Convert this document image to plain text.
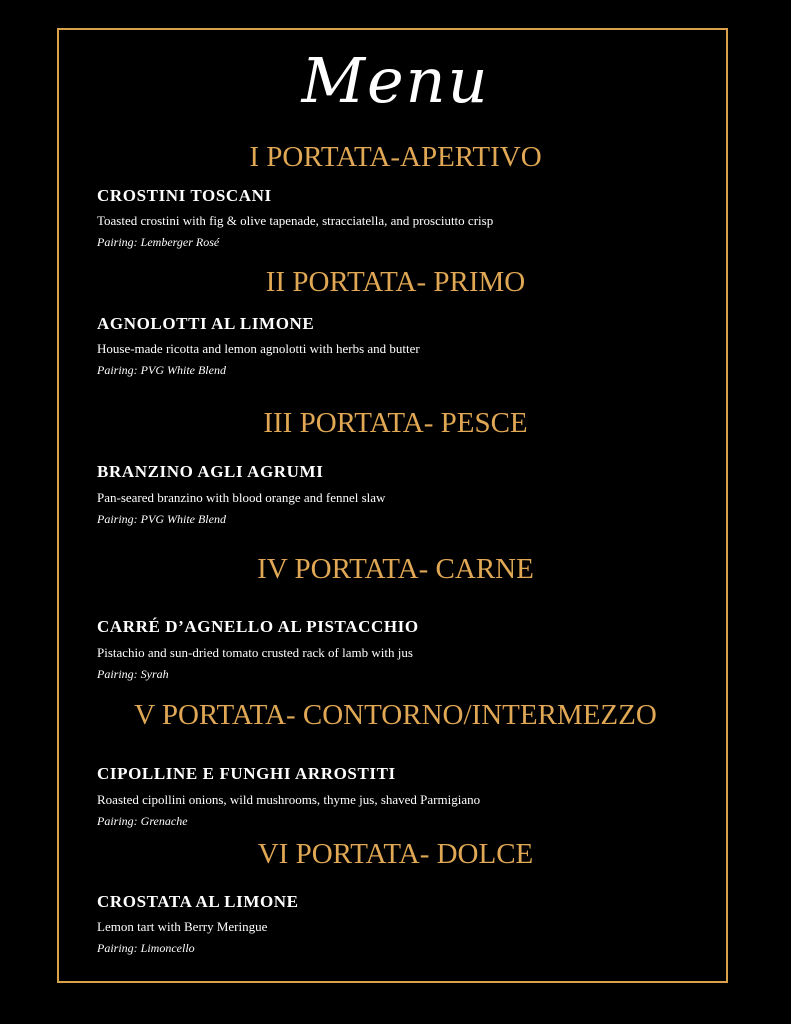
Menu
I PORTATA-APERTIVO
CROSTINI TOSCANI
Toasted crostini with fig & olive tapenade, stracciatella, and prosciutto crisp
Pairing: Lemberger Rosé
II PORTATA- PRIMO
AGNOLOTTI AL LIMONE
House-made ricotta and lemon agnolotti with herbs and butter
Pairing: PVG White Blend
III PORTATA- PESCE
BRANZINO AGLI AGRUMI
Pan-seared branzino with blood orange and fennel slaw
Pairing: PVG White Blend
IV PORTATA- CARNE
CARRÉ D’AGNELLO AL PISTACCHIO
Pistachio and sun-dried tomato crusted rack of lamb with jus
Pairing: Syrah
V PORTATA- CONTORNO/INTERMEZZO
CIPOLLINE E FUNGHI ARROSTITI
Roasted cipollini onions, wild mushrooms, thyme jus, shaved Parmigiano
Pairing: Grenache
VI PORTATA- DOLCE
CROSTATA AL LIMONE
Lemon tart with Berry Meringue
Pairing: Limoncello
